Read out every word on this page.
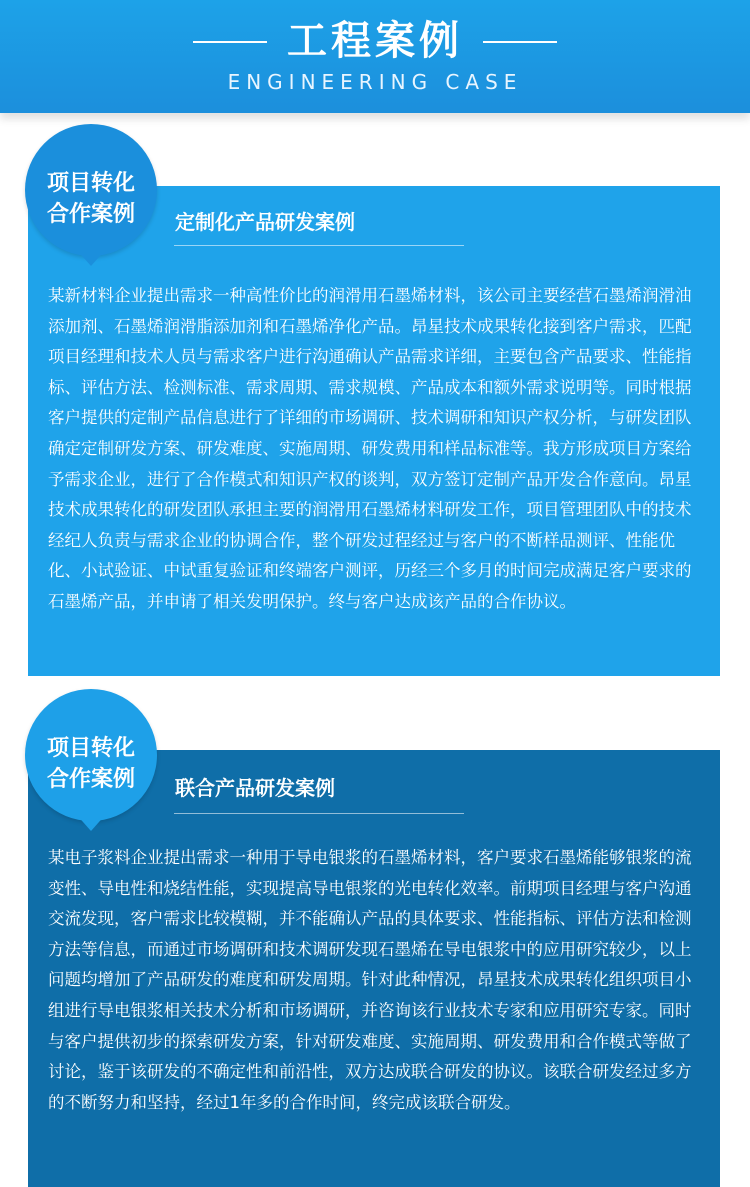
工程案例
ENGINEERING CASE
定制化产品研发案例

某新材料企业提出需求一种高性价比的润滑用石墨烯材料，该公司主要经营石墨烯润滑油添加剂、石墨烯润滑脂添加剂和石墨烯净化产品。昂星技术成果转化接到客户需求，匹配项目经理和技术人员与需求客户进行沟通确认产品需求详细，主要包含产品要求、性能指标、评估方法、检测标准、需求周期、需求规模、产品成本和额外需求说明等。同时根据客户提供的定制产品信息进行了详细的市场调研、技术调研和知识产权分析，与研发团队确定定制研发方案、研发难度、实施周期、研发费用和样品标准等。我方形成项目方案给予需求企业，进行了合作模式和知识产权的谈判，双方签订定制产品开发合作意向。昂星技术成果转化的研发团队承担主要的润滑用石墨烯材料研发工作，项目管理团队中的技术经纪人负责与需求企业的协调合作，整个研发过程经过与客户的不断样品测评、性能优化、小试验证、中试重复验证和终端客户测评，历经三个多月的时间完成满足客户要求的石墨烯产品，并申请了相关发明保护。终与客户达成该产品的合作协议。

项目转化
合作案例
联合产品研发案例

某电子浆料企业提出需求一种用于导电银浆的石墨烯材料，客户要求石墨烯能够银浆的流变性、导电性和烧结性能，实现提高导电银浆的光电转化效率。前期项目经理与客户沟通交流发现，客户需求比较模糊，并不能确认产品的具体要求、性能指标、评估方法和检测方法等信息，而通过市场调研和技术调研发现石墨烯在导电银浆中的应用研究较少，以上问题均增加了产品研发的难度和研发周期。针对此种情况，昂星技术成果转化组织项目小组进行导电银浆相关技术分析和市场调研，并咨询该行业技术专家和应用研究专家。同时与客户提供初步的探索研发方案，针对研发难度、实施周期、研发费用和合作模式等做了讨论，鉴于该研发的不确定性和前沿性，双方达成联合研发的协议。该联合研发经过多方的不断努力和坚持，经过1年多的合作时间，终完成该联合研发。

项目转化
合作案例
